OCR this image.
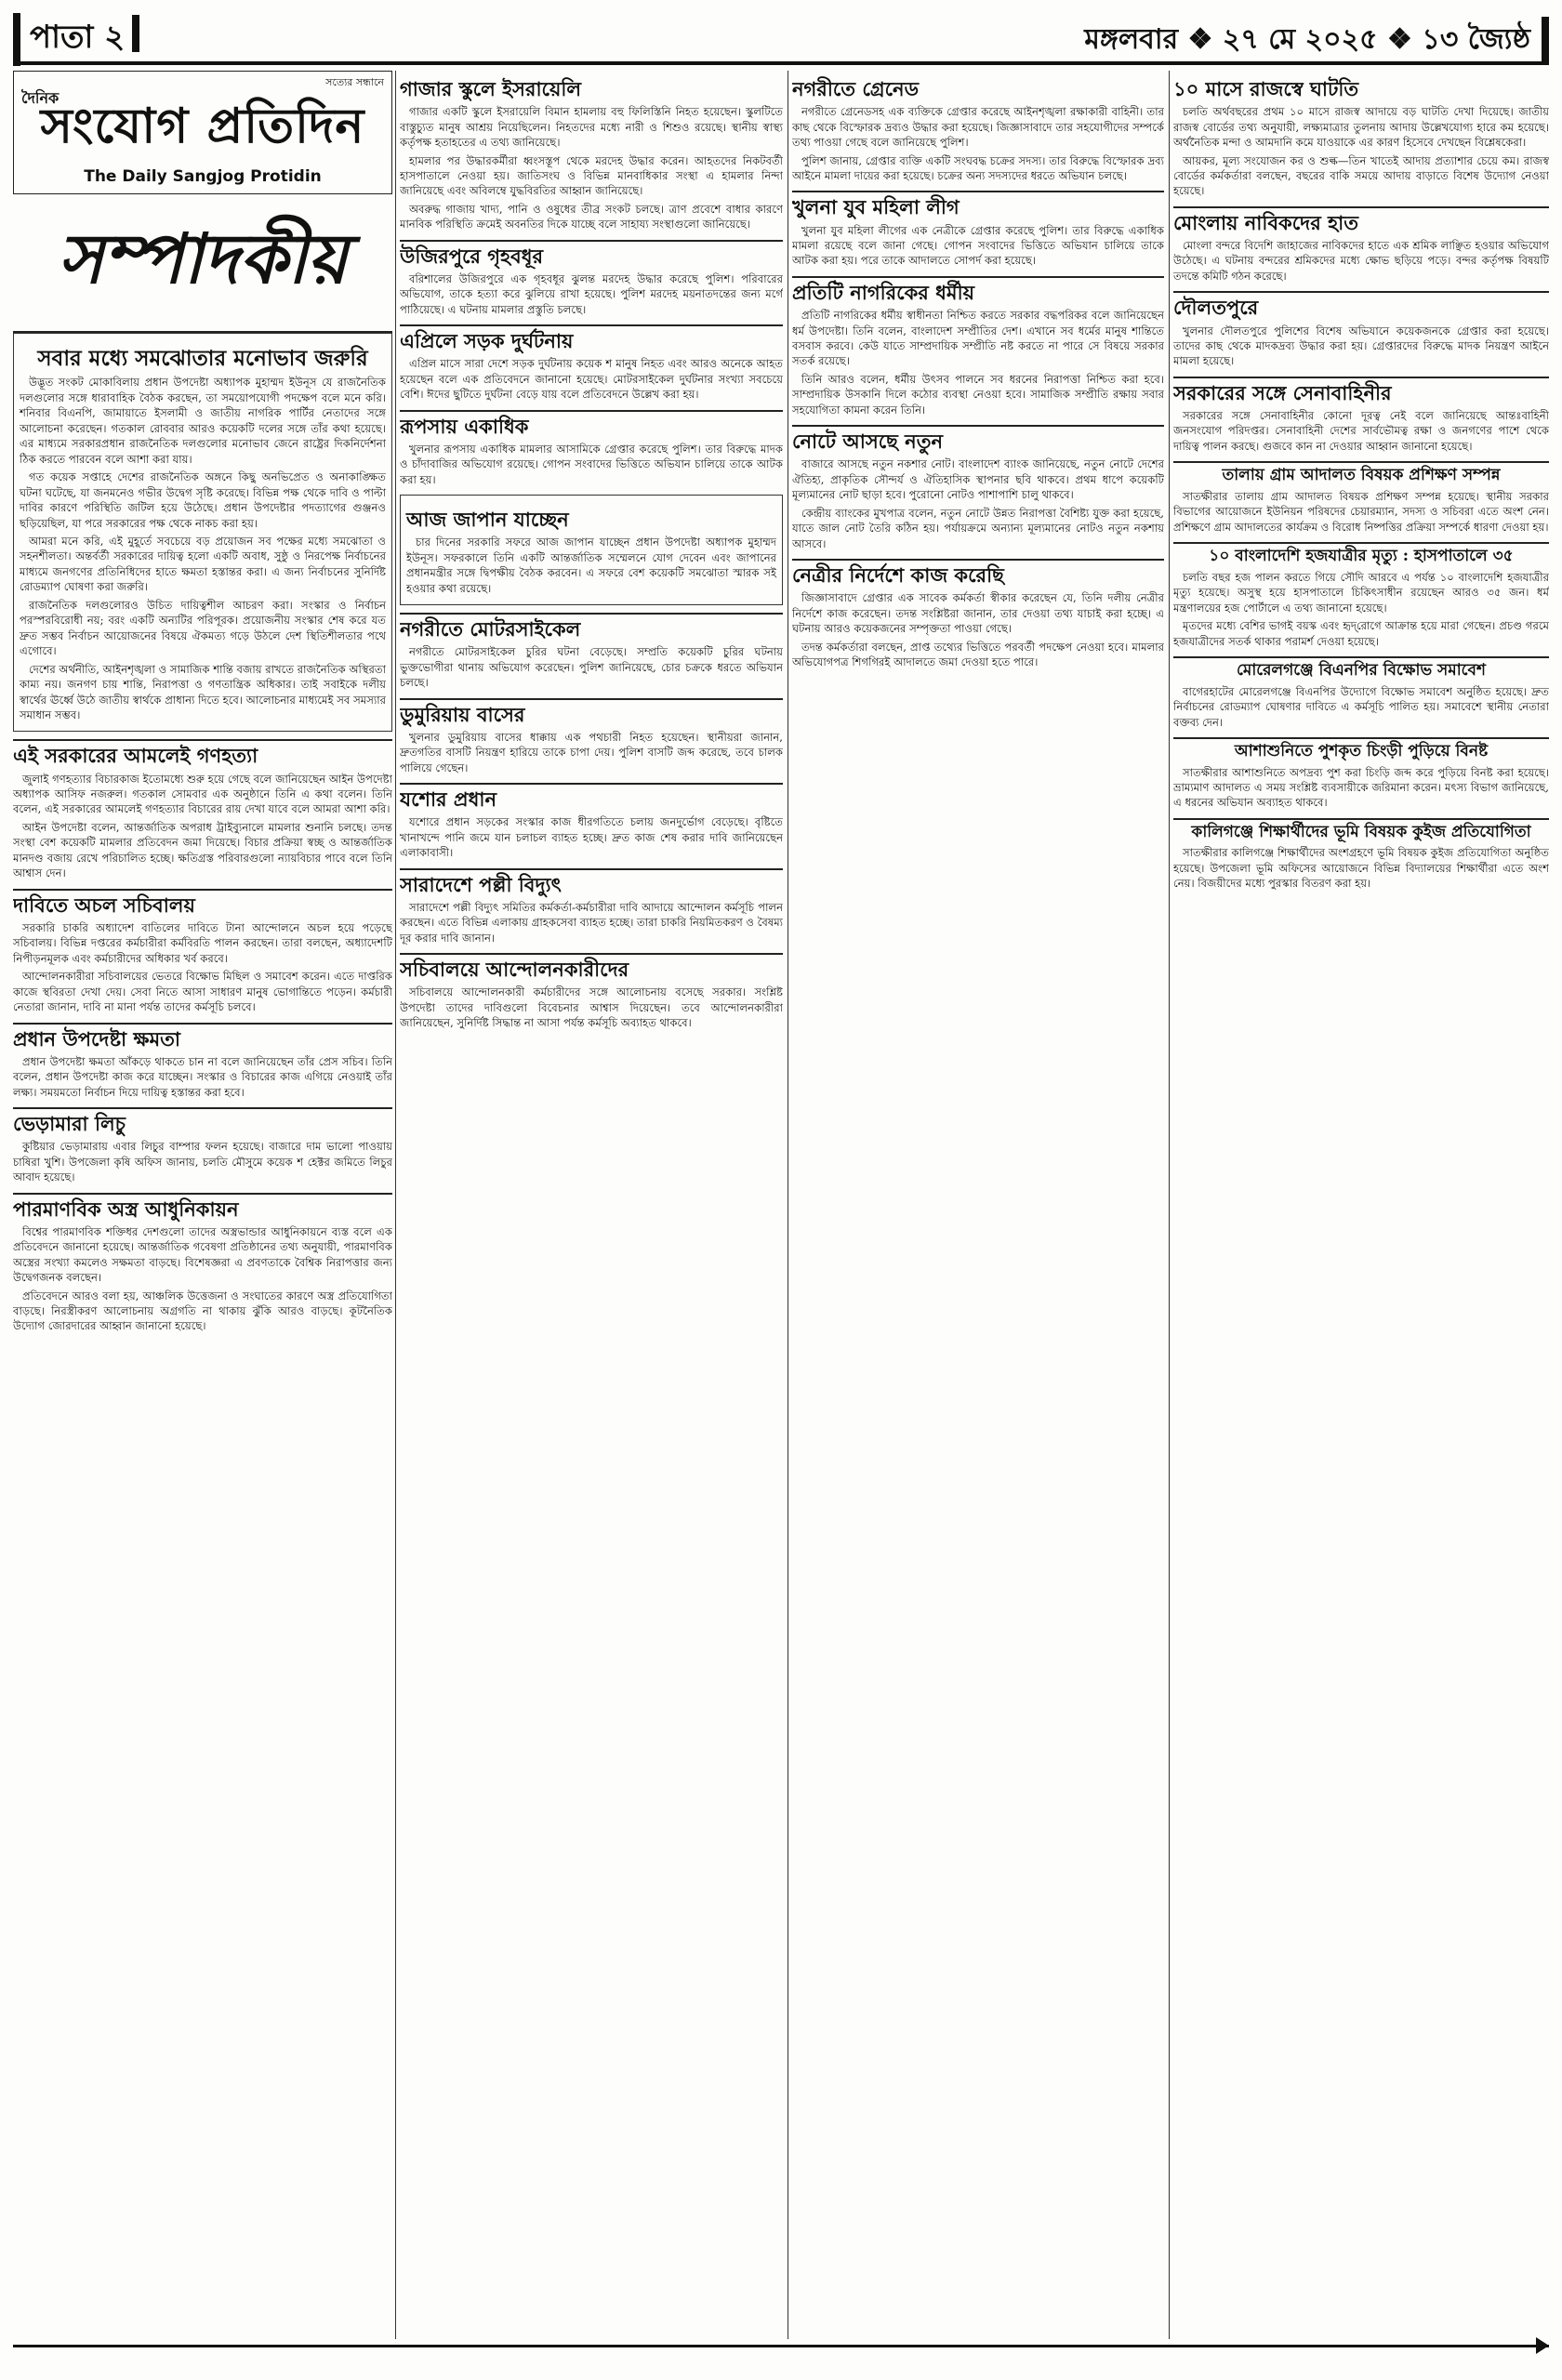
পাতা ২	মঙ্গলবার ❖ ২৭ মে ২০২৫ ❖ ১৩ জ্যৈষ্ঠ
সত্যের সন্ধানে
দৈনিক
সংযোগ প্রতিদিন
The Daily Sangjog Protidin
সম্পাদকীয়
সবার মধ্যে সমঝোতার মনোভাব জরুরি

উদ্ভূত সংকট মোকাবিলায় প্রধান উপদেষ্টা অধ্যাপক মুহাম্মদ ইউনূস যে রাজনৈতিক দলগুলোর সঙ্গে ধারাবাহিক বৈঠক করছেন, তা সময়োপযোগী পদক্ষেপ বলে মনে করি। শনিবার বিএনপি, জামায়াতে ইসলামী ও জাতীয় নাগরিক পার্টির নেতাদের সঙ্গে আলোচনা করেছেন। গতকাল রোববার আরও কয়েকটি দলের সঙ্গে তাঁর কথা হয়েছে। এর মাধ্যমে সরকারপ্রধান রাজনৈতিক দলগুলোর মনোভাব জেনে রাষ্ট্রের দিকনির্দেশনা ঠিক করতে পারবেন বলে আশা করা যায়।

গত কয়েক সপ্তাহে দেশের রাজনৈতিক অঙ্গনে কিছু অনভিপ্রেত ও অনাকাঙ্ক্ষিত ঘটনা ঘটেছে, যা জনমনেও গভীর উদ্বেগ সৃষ্টি করেছে। বিভিন্ন পক্ষ থেকে দাবি ও পাল্টা দাবির কারণে পরিস্থিতি জটিল হয়ে উঠেছে। প্রধান উপদেষ্টার পদত্যাগের গুঞ্জনও ছড়িয়েছিল, যা পরে সরকারের পক্ষ থেকে নাকচ করা হয়।

আমরা মনে করি, এই মুহূর্তে সবচেয়ে বড় প্রয়োজন সব পক্ষের মধ্যে সমঝোতা ও সহনশীলতা। অন্তর্বর্তী সরকারের দায়িত্ব হলো একটি অবাধ, সুষ্ঠু ও নিরপেক্ষ নির্বাচনের মাধ্যমে জনগণের প্রতিনিধিদের হাতে ক্ষমতা হস্তান্তর করা। এ জন্য নির্বাচনের সুনির্দিষ্ট রোডম্যাপ ঘোষণা করা জরুরি।

রাজনৈতিক দলগুলোরও উচিত দায়িত্বশীল আচরণ করা। সংস্কার ও নির্বাচন পরস্পরবিরোধী নয়; বরং একটি অন্যটির পরিপূরক। প্রয়োজনীয় সংস্কার শেষ করে যত দ্রুত সম্ভব নির্বাচন আয়োজনের বিষয়ে ঐকমত্য গড়ে উঠলে দেশ স্থিতিশীলতার পথে এগোবে।

দেশের অর্থনীতি, আইনশৃঙ্খলা ও সামাজিক শান্তি বজায় রাখতে রাজনৈতিক অস্থিরতা কাম্য নয়। জনগণ চায় শান্তি, নিরাপত্তা ও গণতান্ত্রিক অধিকার। তাই সবাইকে দলীয় স্বার্থের ঊর্ধ্বে উঠে জাতীয় স্বার্থকে প্রাধান্য দিতে হবে। আলোচনার মাধ্যমেই সব সমস্যার সমাধান সম্ভব।

এই সরকারের আমলেই গণহত্যা

জুলাই গণহত্যার বিচারকাজ ইতোমধ্যে শুরু হয়ে গেছে বলে জানিয়েছেন আইন উপদেষ্টা অধ্যাপক আসিফ নজরুল। গতকাল সোমবার এক অনুষ্ঠানে তিনি এ কথা বলেন। তিনি বলেন, এই সরকারের আমলেই গণহত্যার বিচারের রায় দেখা যাবে বলে আমরা আশা করি।

আইন উপদেষ্টা বলেন, আন্তর্জাতিক অপরাধ ট্রাইব্যুনালে মামলার শুনানি চলছে। তদন্ত সংস্থা বেশ কয়েকটি মামলার প্রতিবেদন জমা দিয়েছে। বিচার প্রক্রিয়া স্বচ্ছ ও আন্তর্জাতিক মানদণ্ড বজায় রেখে পরিচালিত হচ্ছে। ক্ষতিগ্রস্ত পরিবারগুলো ন্যায়বিচার পাবে বলে তিনি আশ্বাস দেন।

দাবিতে অচল সচিবালয়

সরকারি চাকরি অধ্যাদেশ বাতিলের দাবিতে টানা আন্দোলনে অচল হয়ে পড়েছে সচিবালয়। বিভিন্ন দপ্তরের কর্মচারীরা কর্মবিরতি পালন করছেন। তারা বলছেন, অধ্যাদেশটি নিপীড়নমূলক এবং কর্মচারীদের অধিকার খর্ব করবে।

আন্দোলনকারীরা সচিবালয়ের ভেতরে বিক্ষোভ মিছিল ও সমাবেশ করেন। এতে দাপ্তরিক কাজে স্থবিরতা দেখা দেয়। সেবা নিতে আসা সাধারণ মানুষ ভোগান্তিতে পড়েন। কর্মচারী নেতারা জানান, দাবি না মানা পর্যন্ত তাদের কর্মসূচি চলবে।

প্রধান উপদেষ্টা ক্ষমতা

প্রধান উপদেষ্টা ক্ষমতা আঁকড়ে থাকতে চান না বলে জানিয়েছেন তাঁর প্রেস সচিব। তিনি বলেন, প্রধান উপদেষ্টা কাজ করে যাচ্ছেন। সংস্কার ও বিচারের কাজ এগিয়ে নেওয়াই তাঁর লক্ষ্য। সময়মতো নির্বাচন দিয়ে দায়িত্ব হস্তান্তর করা হবে।

ভেড়ামারা লিচু

কুষ্টিয়ার ভেড়ামারায় এবার লিচুর বাম্পার ফলন হয়েছে। বাজারে দাম ভালো পাওয়ায় চাষিরা খুশি। উপজেলা কৃষি অফিস জানায়, চলতি মৌসুমে কয়েক শ হেক্টর জমিতে লিচুর আবাদ হয়েছে।

পারমাণবিক অস্ত্র আধুনিকায়ন

বিশ্বের পারমাণবিক শক্তিধর দেশগুলো তাদের অস্ত্রভান্ডার আধুনিকায়নে ব্যস্ত বলে এক প্রতিবেদনে জানানো হয়েছে। আন্তর্জাতিক গবেষণা প্রতিষ্ঠানের তথ্য অনুযায়ী, পারমাণবিক অস্ত্রের সংখ্যা কমলেও সক্ষমতা বাড়ছে। বিশেষজ্ঞরা এ প্রবণতাকে বৈশ্বিক নিরাপত্তার জন্য উদ্বেগজনক বলছেন।

প্রতিবেদনে আরও বলা হয়, আঞ্চলিক উত্তেজনা ও সংঘাতের কারণে অস্ত্র প্রতিযোগিতা বাড়ছে। নিরস্ত্রীকরণ আলোচনায় অগ্রগতি না থাকায় ঝুঁকি আরও বাড়ছে। কূটনৈতিক উদ্যোগ জোরদারের আহ্বান জানানো হয়েছে।

গাজার স্কুলে ইসরায়েলি

গাজার একটি স্কুলে ইসরায়েলি বিমান হামলায় বহু ফিলিস্তিনি নিহত হয়েছেন। স্কুলটিতে বাস্তুচ্যুত মানুষ আশ্রয় নিয়েছিলেন। নিহতদের মধ্যে নারী ও শিশুও রয়েছে। স্থানীয় স্বাস্থ্য কর্তৃপক্ষ হতাহতের এ তথ্য জানিয়েছে।

হামলার পর উদ্ধারকর্মীরা ধ্বংসস্তূপ থেকে মরদেহ উদ্ধার করেন। আহতদের নিকটবর্তী হাসপাতালে নেওয়া হয়। জাতিসংঘ ও বিভিন্ন মানবাধিকার সংস্থা এ হামলার নিন্দা জানিয়েছে এবং অবিলম্বে যুদ্ধবিরতির আহ্বান জানিয়েছে।

অবরুদ্ধ গাজায় খাদ্য, পানি ও ওষুধের তীব্র সংকট চলছে। ত্রাণ প্রবেশে বাধার কারণে মানবিক পরিস্থিতি ক্রমেই অবনতির দিকে যাচ্ছে বলে সাহায্য সংস্থাগুলো জানিয়েছে।

উজিরপুরে গৃহবধূর

বরিশালের উজিরপুরে এক গৃহবধূর ঝুলন্ত মরদেহ উদ্ধার করেছে পুলিশ। পরিবারের অভিযোগ, তাকে হত্যা করে ঝুলিয়ে রাখা হয়েছে। পুলিশ মরদেহ ময়নাতদন্তের জন্য মর্গে পাঠিয়েছে। এ ঘটনায় মামলার প্রস্তুতি চলছে।

এপ্রিলে সড়ক দুর্ঘটনায়

এপ্রিল মাসে সারা দেশে সড়ক দুর্ঘটনায় কয়েক শ মানুষ নিহত এবং আরও অনেকে আহত হয়েছেন বলে এক প্রতিবেদনে জানানো হয়েছে। মোটরসাইকেল দুর্ঘটনার সংখ্যা সবচেয়ে বেশি। ঈদের ছুটিতে দুর্ঘটনা বেড়ে যায় বলে প্রতিবেদনে উল্লেখ করা হয়।

রূপসায় একাধিক

খুলনার রূপসায় একাধিক মামলার আসামিকে গ্রেপ্তার করেছে পুলিশ। তার বিরুদ্ধে মাদক ও চাঁদাবাজির অভিযোগ রয়েছে। গোপন সংবাদের ভিত্তিতে অভিযান চালিয়ে তাকে আটক করা হয়।

আজ জাপান যাচ্ছেন

চার দিনের সরকারি সফরে আজ জাপান যাচ্ছেন প্রধান উপদেষ্টা অধ্যাপক মুহাম্মদ ইউনূস। সফরকালে তিনি একটি আন্তর্জাতিক সম্মেলনে যোগ দেবেন এবং জাপানের প্রধানমন্ত্রীর সঙ্গে দ্বিপক্ষীয় বৈঠক করবেন। এ সফরে বেশ কয়েকটি সমঝোতা স্মারক সই হওয়ার কথা রয়েছে।

নগরীতে মোটরসাইকেল

নগরীতে মোটরসাইকেল চুরির ঘটনা বেড়েছে। সম্প্রতি কয়েকটি চুরির ঘটনায় ভুক্তভোগীরা থানায় অভিযোগ করেছেন। পুলিশ জানিয়েছে, চোর চক্রকে ধরতে অভিযান চলছে।

ডুমুরিয়ায় বাসের

খুলনার ডুমুরিয়ায় বাসের ধাক্কায় এক পথচারী নিহত হয়েছেন। স্থানীয়রা জানান, দ্রুতগতির বাসটি নিয়ন্ত্রণ হারিয়ে তাকে চাপা দেয়। পুলিশ বাসটি জব্দ করেছে, তবে চালক পালিয়ে গেছেন।

যশোর প্রধান

যশোরে প্রধান সড়কের সংস্কার কাজ ধীরগতিতে চলায় জনদুর্ভোগ বেড়েছে। বৃষ্টিতে খানাখন্দে পানি জমে যান চলাচল ব্যাহত হচ্ছে। দ্রুত কাজ শেষ করার দাবি জানিয়েছেন এলাকাবাসী।

সারাদেশে পল্লী বিদ্যুৎ

সারাদেশে পল্লী বিদ্যুৎ সমিতির কর্মকর্তা-কর্মচারীরা দাবি আদায়ে আন্দোলন কর্মসূচি পালন করছেন। এতে বিভিন্ন এলাকায় গ্রাহকসেবা ব্যাহত হচ্ছে। তারা চাকরি নিয়মিতকরণ ও বৈষম্য দূর করার দাবি জানান।

সচিবালয়ে আন্দোলনকারীদের

সচিবালয়ে আন্দোলনকারী কর্মচারীদের সঙ্গে আলোচনায় বসেছে সরকার। সংশ্লিষ্ট উপদেষ্টা তাদের দাবিগুলো বিবেচনার আশ্বাস দিয়েছেন। তবে আন্দোলনকারীরা জানিয়েছেন, সুনির্দিষ্ট সিদ্ধান্ত না আসা পর্যন্ত কর্মসূচি অব্যাহত থাকবে।

নগরীতে গ্রেনেড

নগরীতে গ্রেনেডসহ এক ব্যক্তিকে গ্রেপ্তার করেছে আইনশৃঙ্খলা রক্ষাকারী বাহিনী। তার কাছ থেকে বিস্ফোরক দ্রব্যও উদ্ধার করা হয়েছে। জিজ্ঞাসাবাদে তার সহযোগীদের সম্পর্কে তথ্য পাওয়া গেছে বলে জানিয়েছে পুলিশ।

পুলিশ জানায়, গ্রেপ্তার ব্যক্তি একটি সংঘবদ্ধ চক্রের সদস্য। তার বিরুদ্ধে বিস্ফোরক দ্রব্য আইনে মামলা দায়ের করা হয়েছে। চক্রের অন্য সদস্যদের ধরতে অভিযান চলছে।

খুলনা যুব মহিলা লীগ

খুলনা যুব মহিলা লীগের এক নেত্রীকে গ্রেপ্তার করেছে পুলিশ। তার বিরুদ্ধে একাধিক মামলা রয়েছে বলে জানা গেছে। গোপন সংবাদের ভিত্তিতে অভিযান চালিয়ে তাকে আটক করা হয়। পরে তাকে আদালতে সোপর্দ করা হয়েছে।

প্রতিটি নাগরিকের ধর্মীয়

প্রতিটি নাগরিকের ধর্মীয় স্বাধীনতা নিশ্চিত করতে সরকার বদ্ধপরিকর বলে জানিয়েছেন ধর্ম উপদেষ্টা। তিনি বলেন, বাংলাদেশ সম্প্রীতির দেশ। এখানে সব ধর্মের মানুষ শান্তিতে বসবাস করবে। কেউ যাতে সাম্প্রদায়িক সম্প্রীতি নষ্ট করতে না পারে সে বিষয়ে সরকার সতর্ক রয়েছে।

তিনি আরও বলেন, ধর্মীয় উৎসব পালনে সব ধরনের নিরাপত্তা নিশ্চিত করা হবে। সাম্প্রদায়িক উসকানি দিলে কঠোর ব্যবস্থা নেওয়া হবে। সামাজিক সম্প্রীতি রক্ষায় সবার সহযোগিতা কামনা করেন তিনি।

নোটে আসছে নতুন

বাজারে আসছে নতুন নকশার নোট। বাংলাদেশ ব্যাংক জানিয়েছে, নতুন নোটে দেশের ঐতিহ্য, প্রাকৃতিক সৌন্দর্য ও ঐতিহাসিক স্থাপনার ছবি থাকবে। প্রথম ধাপে কয়েকটি মূল্যমানের নোট ছাড়া হবে। পুরোনো নোটও পাশাপাশি চালু থাকবে।

কেন্দ্রীয় ব্যাংকের মুখপাত্র বলেন, নতুন নোটে উন্নত নিরাপত্তা বৈশিষ্ট্য যুক্ত করা হয়েছে, যাতে জাল নোট তৈরি কঠিন হয়। পর্যায়ক্রমে অন্যান্য মূল্যমানের নোটও নতুন নকশায় আসবে।

নেত্রীর নির্দেশে কাজ করেছি

জিজ্ঞাসাবাদে গ্রেপ্তার এক সাবেক কর্মকর্তা স্বীকার করেছেন যে, তিনি দলীয় নেত্রীর নির্দেশে কাজ করেছেন। তদন্ত সংশ্লিষ্টরা জানান, তার দেওয়া তথ্য যাচাই করা হচ্ছে। এ ঘটনায় আরও কয়েকজনের সম্পৃক্ততা পাওয়া গেছে।

তদন্ত কর্মকর্তারা বলছেন, প্রাপ্ত তথ্যের ভিত্তিতে পরবর্তী পদক্ষেপ নেওয়া হবে। মামলার অভিযোগপত্র শিগগিরই আদালতে জমা দেওয়া হতে পারে।

১০ মাসে রাজস্বে ঘাটতি

চলতি অর্থবছরের প্রথম ১০ মাসে রাজস্ব আদায়ে বড় ঘাটতি দেখা দিয়েছে। জাতীয় রাজস্ব বোর্ডের তথ্য অনুযায়ী, লক্ষ্যমাত্রার তুলনায় আদায় উল্লেখযোগ্য হারে কম হয়েছে। অর্থনৈতিক মন্দা ও আমদানি কমে যাওয়াকে এর কারণ হিসেবে দেখছেন বিশ্লেষকেরা।

আয়কর, মূল্য সংযোজন কর ও শুল্ক—তিন খাতেই আদায় প্রত্যাশার চেয়ে কম। রাজস্ব বোর্ডের কর্মকর্তারা বলছেন, বছরের বাকি সময়ে আদায় বাড়াতে বিশেষ উদ্যোগ নেওয়া হয়েছে।

মোংলায় নাবিকদের হাত

মোংলা বন্দরে বিদেশি জাহাজের নাবিকদের হাতে এক শ্রমিক লাঞ্ছিত হওয়ার অভিযোগ উঠেছে। এ ঘটনায় বন্দরের শ্রমিকদের মধ্যে ক্ষোভ ছড়িয়ে পড়ে। বন্দর কর্তৃপক্ষ বিষয়টি তদন্তে কমিটি গঠন করেছে।

দৌলতপুরে

খুলনার দৌলতপুরে পুলিশের বিশেষ অভিযানে কয়েকজনকে গ্রেপ্তার করা হয়েছে। তাদের কাছ থেকে মাদকদ্রব্য উদ্ধার করা হয়। গ্রেপ্তারদের বিরুদ্ধে মাদক নিয়ন্ত্রণ আইনে মামলা হয়েছে।

সরকারের সঙ্গে সেনাবাহিনীর

সরকারের সঙ্গে সেনাবাহিনীর কোনো দূরত্ব নেই বলে জানিয়েছে আন্তঃবাহিনী জনসংযোগ পরিদপ্তর। সেনাবাহিনী দেশের সার্বভৌমত্ব রক্ষা ও জনগণের পাশে থেকে দায়িত্ব পালন করছে। গুজবে কান না দেওয়ার আহ্বান জানানো হয়েছে।

তালায় গ্রাম আদালত বিষয়ক প্রশিক্ষণ সম্পন্ন

সাতক্ষীরার তালায় গ্রাম আদালত বিষয়ক প্রশিক্ষণ সম্পন্ন হয়েছে। স্থানীয় সরকার বিভাগের আয়োজনে ইউনিয়ন পরিষদের চেয়ারম্যান, সদস্য ও সচিবরা এতে অংশ নেন। প্রশিক্ষণে গ্রাম আদালতের কার্যক্রম ও বিরোধ নিষ্পত্তির প্রক্রিয়া সম্পর্কে ধারণা দেওয়া হয়।

১০ বাংলাদেশি হজযাত্রীর মৃত্যু : হাসপাতালে ৩৫

চলতি বছর হজ পালন করতে গিয়ে সৌদি আরবে এ পর্যন্ত ১০ বাংলাদেশি হজযাত্রীর মৃত্যু হয়েছে। অসুস্থ হয়ে হাসপাতালে চিকিৎসাধীন রয়েছেন আরও ৩৫ জন। ধর্ম মন্ত্রণালয়ের হজ পোর্টালে এ তথ্য জানানো হয়েছে।

মৃতদের মধ্যে বেশির ভাগই বয়স্ক এবং হৃদ্‌রোগে আক্রান্ত হয়ে মারা গেছেন। প্রচণ্ড গরমে হজযাত্রীদের সতর্ক থাকার পরামর্শ দেওয়া হয়েছে।

মোরেলগঞ্জে বিএনপির বিক্ষোভ সমাবেশ

বাগেরহাটের মোরেলগঞ্জে বিএনপির উদ্যোগে বিক্ষোভ সমাবেশ অনুষ্ঠিত হয়েছে। দ্রুত নির্বাচনের রোডম্যাপ ঘোষণার দাবিতে এ কর্মসূচি পালিত হয়। সমাবেশে স্থানীয় নেতারা বক্তব্য দেন।

আশাশুনিতে পুশকৃত চিংড়ী পুড়িয়ে বিনষ্ট

সাতক্ষীরার আশাশুনিতে অপদ্রব্য পুশ করা চিংড়ি জব্দ করে পুড়িয়ে বিনষ্ট করা হয়েছে। ভ্রাম্যমাণ আদালত এ সময় সংশ্লিষ্ট ব্যবসায়ীকে জরিমানা করেন। মৎস্য বিভাগ জানিয়েছে, এ ধরনের অভিযান অব্যাহত থাকবে।

কালিগঞ্জে শিক্ষার্থীদের ভূমি বিষয়ক কুইজ প্রতিযোগিতা

সাতক্ষীরার কালিগঞ্জে শিক্ষার্থীদের অংশগ্রহণে ভূমি বিষয়ক কুইজ প্রতিযোগিতা অনুষ্ঠিত হয়েছে। উপজেলা ভূমি অফিসের আয়োজনে বিভিন্ন বিদ্যালয়ের শিক্ষার্থীরা এতে অংশ নেয়। বিজয়ীদের মধ্যে পুরস্কার বিতরণ করা হয়।
